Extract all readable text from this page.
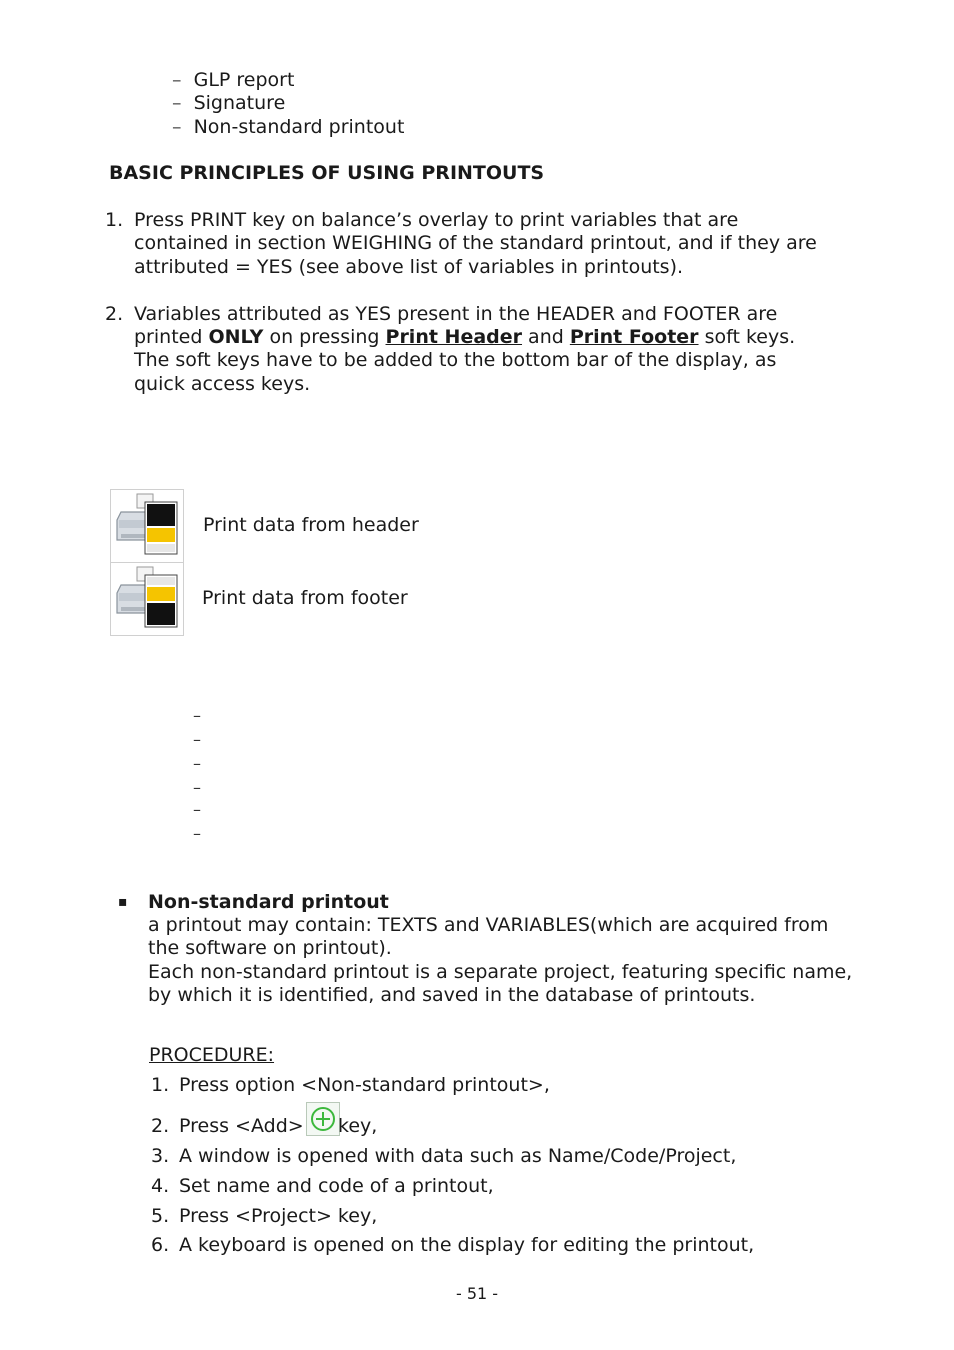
– GLP report
– Signature
– Non-standard printout
BASIC PRINCIPLES OF USING PRINTOUTS
1. Press PRINT key on balance’s overlay to print variables that are
contained in section WEIGHING of the standard printout, and if they are
attributed = YES (see above list of variables in printouts).
2. Variables attributed as YES present in the HEADER and FOOTER are
printed ONLY on pressing Print Header and Print Footer soft keys.
The soft keys have to be added to the bottom bar of the display, as
quick access keys.
Print data from header
Print data from footer
–
–
–
–
–
–
▪ Non-standard printout
a printout may contain: TEXTS and VARIABLES(which are acquired from
the software on printout).
Each non-standard printout is a separate project, featuring specific name,
by which it is identified, and saved in the database of printouts.
PROCEDURE:
1. Press option <Non-standard printout>,
2. Press <Add> key,
3. A window is opened with data such as Name/Code/Project,
4. Set name and code of a printout,
5. Press <Project> key,
6. A keyboard is opened on the display for editing the printout,
- 51 -
